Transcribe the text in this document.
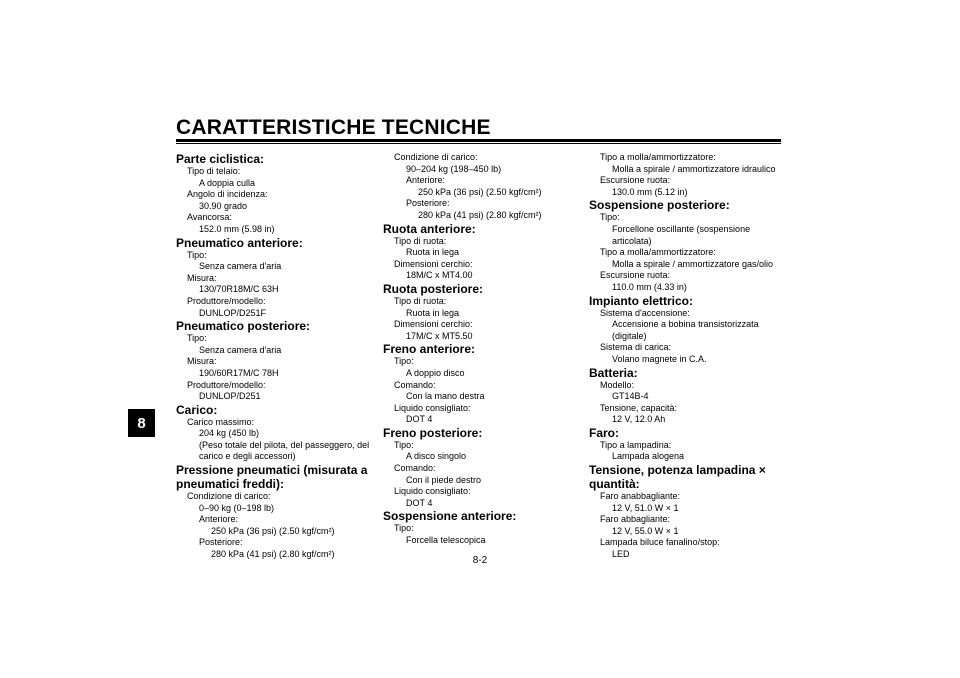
CARATTERISTICHE TECNICHE
8
Parte ciclistica:
Tipo di telaio:
A doppia culla
Angolo di incidenza:
30.90 grado
Avancorsa:
152.0 mm (5.98 in)
Pneumatico anteriore:
Tipo:
Senza camera d'aria
Misura:
130/70R18M/C 63H
Produttore/modello:
DUNLOP/D251F
Pneumatico posteriore:
Tipo:
Senza camera d'aria
Misura:
190/60R17M/C 78H
Produttore/modello:
DUNLOP/D251
Carico:
Carico massimo:
204 kg (450 lb)
(Peso totale del pilota, del passeggero, del
carico e degli accessori)
Pressione pneumatici (misurata a
pneumatici freddi):
Condizione di carico:
0–90 kg (0–198 lb)
Anteriore:
250 kPa (36 psi) (2.50 kgf/cm²)
Posteriore:
280 kPa (41 psi) (2.80 kgf/cm²)
Condizione di carico:
90–204 kg (198–450 lb)
Anteriore:
250 kPa (36 psi) (2.50 kgf/cm²)
Posteriore:
280 kPa (41 psi) (2.80 kgf/cm²)
Ruota anteriore:
Tipo di ruota:
Ruota in lega
Dimensioni cerchio:
18M/C x MT4.00
Ruota posteriore:
Tipo di ruota:
Ruota in lega
Dimensioni cerchio:
17M/C x MT5.50
Freno anteriore:
Tipo:
A doppio disco
Comando:
Con la mano destra
Liquido consigliato:
DOT 4
Freno posteriore:
Tipo:
A disco singolo
Comando:
Con il piede destro
Liquido consigliato:
DOT 4
Sospensione anteriore:
Tipo:
Forcella telescopica
Tipo a molla/ammortizzatore:
Molla a spirale / ammortizzatore idraulico
Escursione ruota:
130.0 mm (5.12 in)
Sospensione posteriore:
Tipo:
Forcellone oscillante (sospensione
articolata)
Tipo a molla/ammortizzatore:
Molla a spirale / ammortizzatore gas/olio
Escursione ruota:
110.0 mm (4.33 in)
Impianto elettrico:
Sistema d'accensione:
Accensione a bobina transistorizzata
(digitale)
Sistema di carica:
Volano magnete in C.A.
Batteria:
Modello:
GT14B-4
Tensione, capacità:
12 V, 12.0 Ah
Faro:
Tipo a lampadina:
Lampada alogena
Tensione, potenza lampadina × quantità:
Faro anabbagliante:
12 V, 51.0 W × 1
Faro abbagliante:
12 V, 55.0 W × 1
Lampada biluce fanalino/stop:
LED
8-2
